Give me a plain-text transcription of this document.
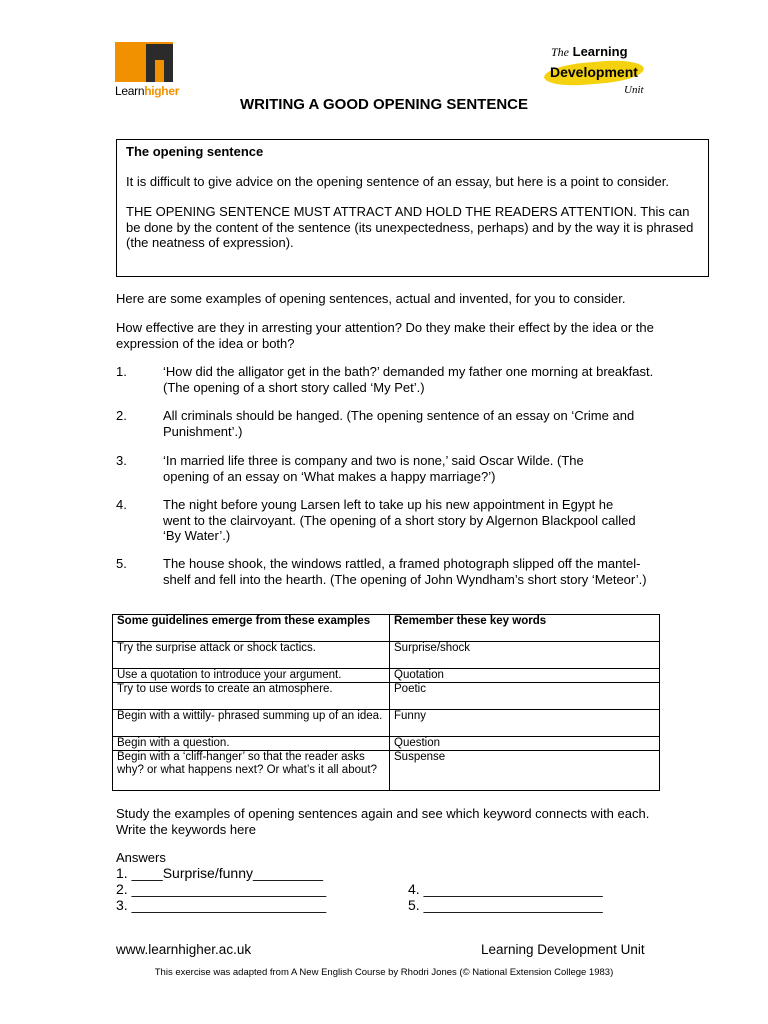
Learnhigher
The Learning
Development
Unit
WRITING A GOOD OPENING SENTENCE
The opening sentence
It is difficult to give advice on the opening sentence of an essay, but here is a point to consider.
THE OPENING SENTENCE MUST ATTRACT AND HOLD THE READERS ATTENTION. This can be done by the content of the sentence (its unexpectedness, perhaps) and by the way it is phrased (the neatness of expression).
Here are some examples of opening sentences, actual and invented, for you to consider.
How effective are they in arresting your attention? Do they make their effect by the idea or the expression of the idea or both?
1.	‘How did the alligator get in the bath?’ demanded my father one morning at breakfast. (The opening of a short story called ‘My Pet’.)
2.	All criminals should be hanged. (The opening sentence of an essay on ‘Crime and Punishment’.)
3.	‘In married life three is company and two is none,’ said Oscar Wilde. (The opening of an essay on ‘What makes a happy marriage?’)
4.	The night before young Larsen left to take up his new appointment in Egypt he went to the clairvoyant. (The opening of a short story by Algernon Blackpool called ‘By Water’.)
5.	The house shook, the windows rattled, a framed photograph slipped off the mantel-shelf and fell into the hearth. (The opening of John Wyndham’s short story ‘Meteor’.)
Some guidelines emerge from these examples	Remember these key words
Try the surprise attack or shock tactics.	Surprise/shock
Use a quotation to introduce your argument.	Quotation
Try to use words to create an atmosphere.	Poetic
Begin with a wittily- phrased summing up of an idea.	Funny
Begin with a question.	Question
Begin with a ‘cliff-hanger’ so that the reader asks why? or what happens next? Or what’s it all about?	Suspense
Study the examples of opening sentences again and see which keyword connects with each. Write the keywords here
Answers
1. ____Surprise/funny_________
2. _________________________
3. _________________________
4. _______________________
5. _______________________
www.learnhigher.ac.uk	Learning Development Unit
This exercise was adapted from A New English Course by Rhodri Jones (© National Extension College 1983)
